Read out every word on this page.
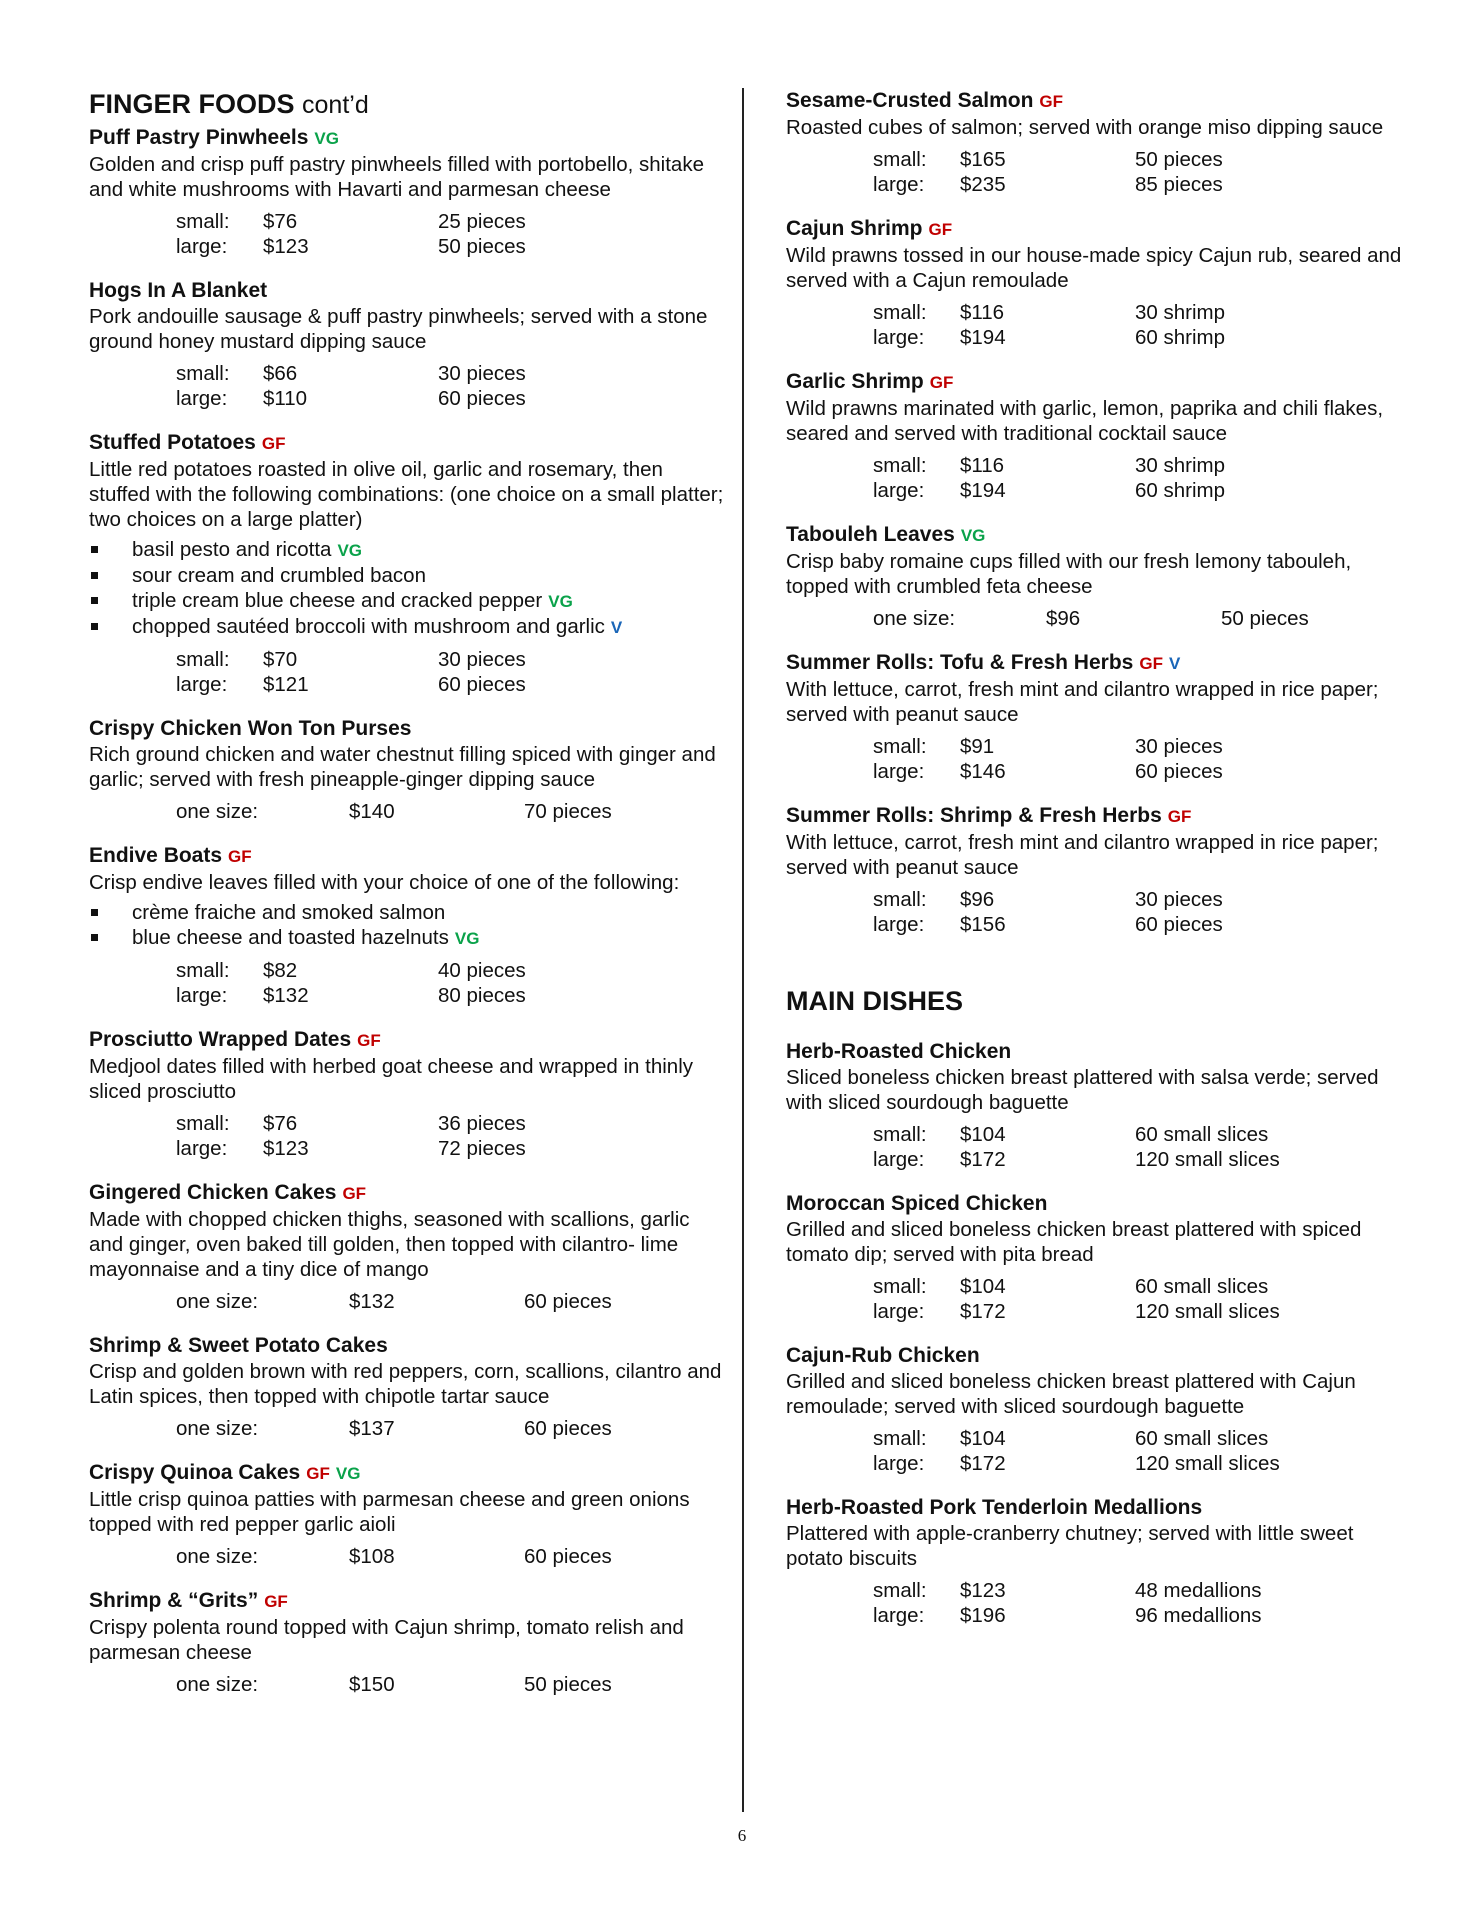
FINGER FOODS cont’d
Puff Pastry Pinwheels VG
Golden and crisp puff pastry pinwheels filled with portobello, shitake and white mushrooms with Havarti and parmesan cheese
small:	$76	25 pieces
large:	$123	50 pieces
Hogs In A Blanket
Pork andouille sausage & puff pastry pinwheels; served with a stone ground honey mustard dipping sauce
small:	$66	30 pieces
large:	$110	60 pieces
Stuffed Potatoes GF
Little red potatoes roasted in olive oil, garlic and rosemary, then stuffed with the following combinations: (one choice on a small platter; two choices on a large platter)
basil pesto and ricotta VG
sour cream and crumbled bacon
triple cream blue cheese and cracked pepper VG
chopped sautéed broccoli with mushroom and garlic V
small:	$70	30 pieces
large:	$121	60 pieces
Crispy Chicken Won Ton Purses
Rich ground chicken and water chestnut filling spiced with ginger and garlic; served with fresh pineapple-ginger dipping sauce
one size:	$140	70 pieces
Endive Boats GF
Crisp endive leaves filled with your choice of one of the following:
crème fraiche and smoked salmon
blue cheese and toasted hazelnuts VG
small:	$82	40 pieces
large:	$132	80 pieces
Prosciutto Wrapped Dates GF
Medjool dates filled with herbed goat cheese and wrapped in thinly sliced prosciutto
small:	$76	36 pieces
large:	$123	72 pieces
Gingered Chicken Cakes GF
Made with chopped chicken thighs, seasoned with scallions, garlic and ginger, oven baked till golden, then topped with cilantro- lime mayonnaise and a tiny dice of mango
one size:	$132	60 pieces
Shrimp & Sweet Potato Cakes
Crisp and golden brown with red peppers, corn, scallions, cilantro and Latin spices, then topped with chipotle tartar sauce
one size:	$137	60 pieces
Crispy Quinoa Cakes GF VG
Little crisp quinoa patties with parmesan cheese and green onions topped with red pepper garlic aioli
one size:	$108	60 pieces
Shrimp & “Grits” GF
Crispy polenta round topped with Cajun shrimp, tomato relish and parmesan cheese
one size:	$150	50 pieces
Sesame-Crusted Salmon GF
Roasted cubes of salmon; served with orange miso dipping sauce
small:	$165	50 pieces
large:	$235	85 pieces
Cajun Shrimp GF
Wild prawns tossed in our house-made spicy Cajun rub, seared and served with a Cajun remoulade
small:	$116	30 shrimp
large:	$194	60 shrimp
Garlic Shrimp GF
Wild prawns marinated with garlic, lemon, paprika and chili flakes, seared and served with traditional cocktail sauce
small:	$116	30 shrimp
large:	$194	60 shrimp
Tabouleh Leaves VG
Crisp baby romaine cups filled with our fresh lemony tabouleh, topped with crumbled feta cheese
one size:	$96	50 pieces
Summer Rolls: Tofu & Fresh Herbs GF V
With lettuce, carrot, fresh mint and cilantro wrapped in rice paper; served with peanut sauce
small:	$91	30 pieces
large:	$146	60 pieces
Summer Rolls: Shrimp & Fresh Herbs GF
With lettuce, carrot, fresh mint and cilantro wrapped in rice paper; served with peanut sauce
small:	$96	30 pieces
large:	$156	60 pieces
MAIN DISHES
Herb-Roasted Chicken
Sliced boneless chicken breast plattered with salsa verde; served with sliced sourdough baguette
small:	$104	60 small slices
large:	$172	120 small slices
Moroccan Spiced Chicken
Grilled and sliced boneless chicken breast plattered with spiced tomato dip; served with pita bread
small:	$104	60 small slices
large:	$172	120 small slices
Cajun-Rub Chicken
Grilled and sliced boneless chicken breast plattered with Cajun remoulade; served with sliced sourdough baguette
small:	$104	60 small slices
large:	$172	120 small slices
Herb-Roasted Pork Tenderloin Medallions
Plattered with apple-cranberry chutney; served with little sweet potato biscuits
small:	$123	48 medallions
large:	$196	96 medallions
6
